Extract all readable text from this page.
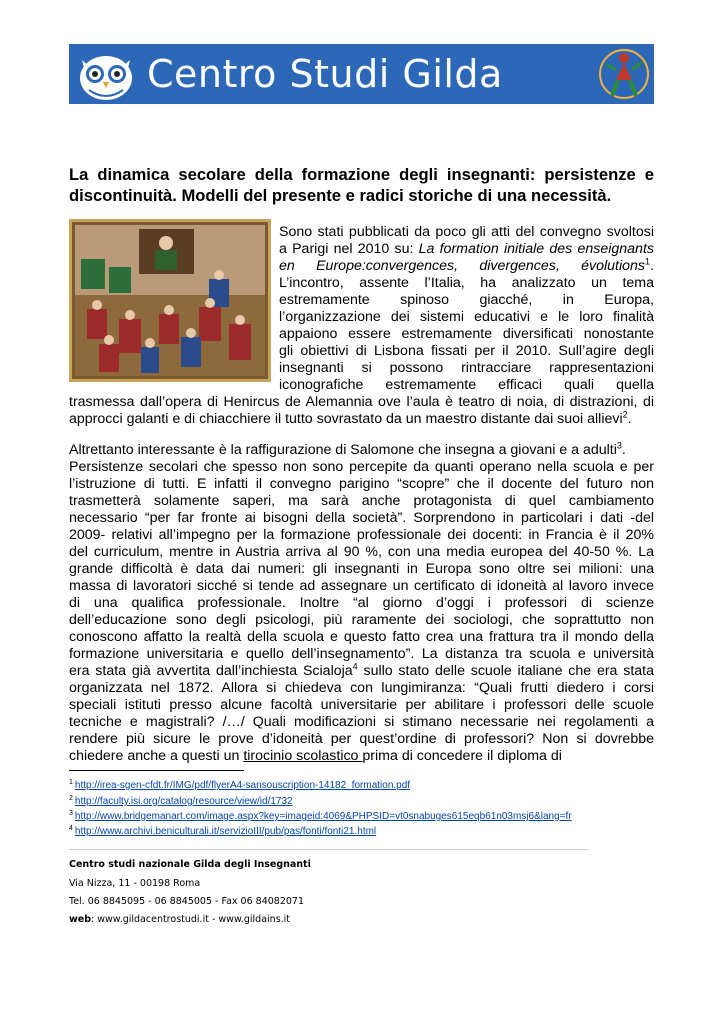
Centro Studi Gilda
La dinamica secolare della formazione degli insegnanti: persistenze e
discontinuità. Modelli del presente e radici storiche di una necessità.
Sono stati pubblicati da poco gli atti del convegno svoltosi
a Parigi nel 2010 su: La formation initiale des enseignants
en Europe:convergences, divergences, évolutions$^1$.
L’incontro, assente l’Italia, ha analizzato un tema
estremamente spinoso giacché, in Europa,
l’organizzazione dei sistemi educativi e le loro finalità
appaiono essere estremamente diversificati nonostante
gli obiettivi di Lisbona fissati per il 2010. Sull’agire degli
insegnanti si possono rintracciare rappresentazioni
iconografiche estremamente efficaci quali quella
trasmessa dall’opera di Henircus de Alemannia ove l’aula è teatro di noia, di distrazioni, di
approcci galanti e di chiacchiere il tutto sovrastato da un maestro distante dai suoi allievi$^2$.
Altrettanto interessante è la raffigurazione di Salomone che insegna a giovani e a adulti$^3$.
Persistenze secolari che spesso non sono percepite da quanti operano nella scuola e per
l’istruzione di tutti. E infatti il convegno parigino “scopre” che il docente del futuro non
trasmetterà solamente saperi, ma sarà anche protagonista di quel cambiamento
necessario “per far fronte ai bisogni della società”. Sorprendono in particolari i dati -del
2009- relativi all’impegno per la formazione professionale dei docenti: in Francia è il 20%
del curriculum, mentre in Austria arriva al 90 %, con una media europea del 40-50 %. La
grande difficoltà è data dai numeri: gli insegnanti in Europa sono oltre sei milioni: una
massa di lavoratori sicché si tende ad assegnare un certificato di idoneità al lavoro invece
di una qualifica professionale. Inoltre “al giorno d’oggi i professori di scienze
dell’educazione sono degli psicologi, più raramente dei sociologi, che soprattutto non
conoscono affatto la realtà della scuola e questo fatto crea una frattura tra il mondo della
formazione universitaria e quello dell’insegnamento”. La distanza tra scuola e università
era stata già avvertita dall’inchiesta Scialoja$^4$ sullo stato delle scuole italiane che era stata
organizzata nel 1872. Allora si chiedeva con lungimiranza: “Quali frutti diedero i corsi
speciali istituti presso alcune facoltà universitarie per abilitare i professori delle scuole
tecniche e magistrali? /…/ Quali modificazioni si stimano necessarie nei regolamenti a
rendere più sicure le prove d’idoneità per quest’ordine di professori? Non si dovrebbe
chiedere anche a questi un tirocinio scolastico prima di concedere il diploma di
$^1$ http://irea-sgen-cfdt.fr/IMG/pdf/flyerA4-sansouscription-14182_formation.pdf
$^2$ http://faculty.isi.org/catalog/resource/view/id/1732
$^3$ http://www.bridgemanart.com/image.aspx?key=imageid:4069&PHPSID=vt0snabuges615eqb61n03msj6&lang=fr
$^4$ http://www.archivi.beniculturali.it/servizioIII/pub/pas/fonti/fonti21.html
Centro studi nazionale Gilda degli Insegnanti
Via Nizza, 11 - 00198 Roma
Tel. 06 8845095 - 06 8845005 - Fax 06 84082071
web: www.gildacentrostudi.it - www.gildains.it
